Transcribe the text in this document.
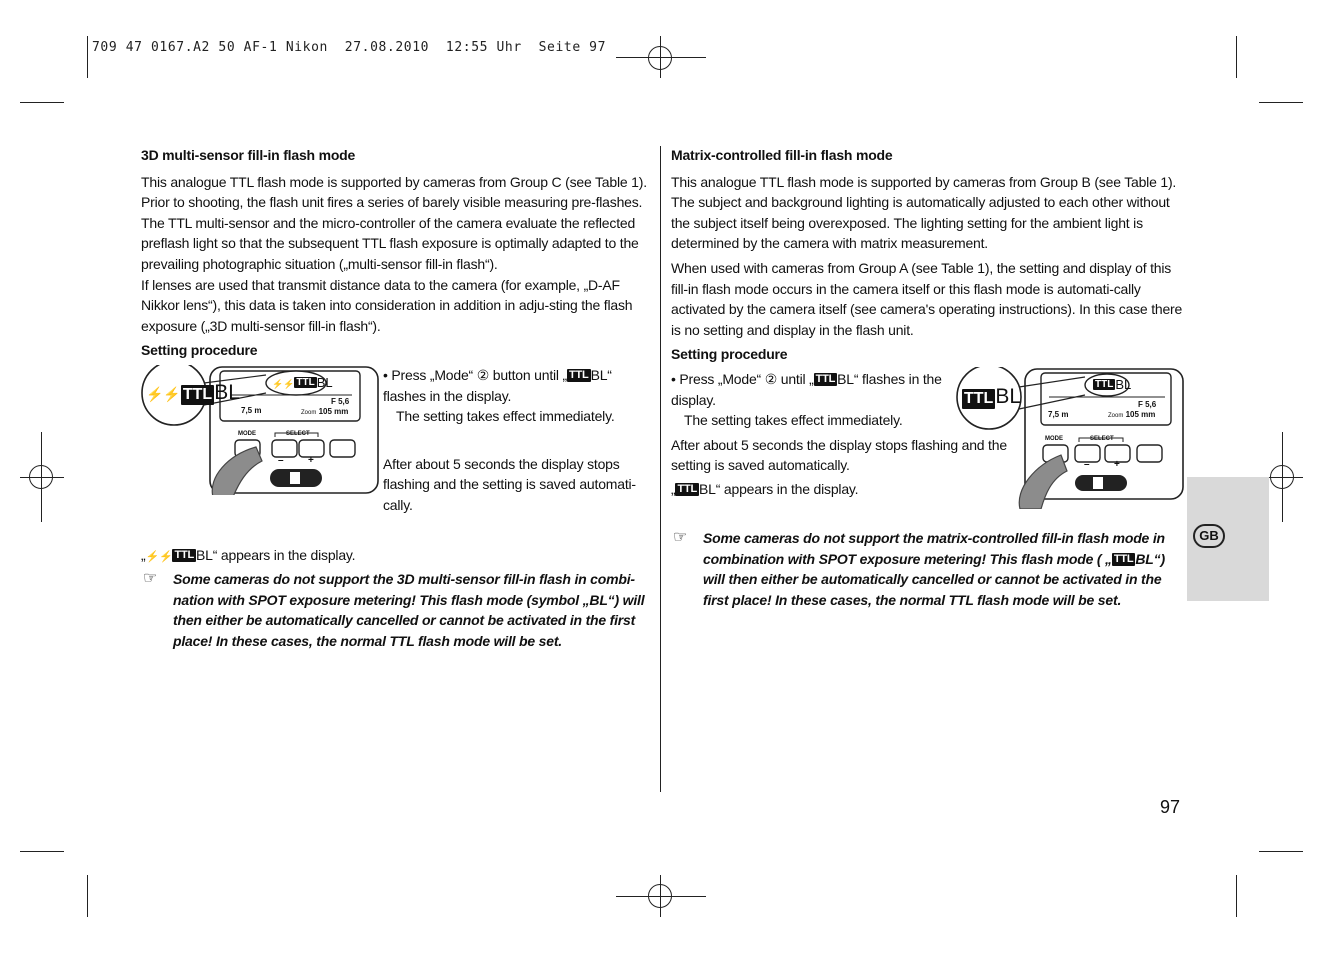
709 47 0167.A2 50 AF-1 Nikon  27.08.2010  12:55 Uhr  Seite 97
3D multi-sensor fill-in flash mode
This analogue TTL flash mode is supported by cameras from Group C (see Table 1). Prior to shooting, the flash unit fires a series of barely visible measuring pre-flashes. The TTL multi-sensor and the micro-controller of the camera evaluate the reflected preflash light so that the subsequent TTL flash exposure is optimally adapted to the prevailing photographic situation („multi-sensor fill-in flash“).
If lenses are used that transmit distance data to the camera (for example, „D-AF Nikkor lens“), this data is taken into consideration in addition in adju-sting the flash exposure („3D multi-sensor fill-in flash“).
Setting procedure
⚡⚡ TTLBL	⚡⚡ TTL BL
7,5 m
F 5,6
Zoom 105 mm
MODE	SELECT
– +
• Press „Mode“ ② button until „ TTL BL“ flashes in the display.
The setting takes effect immediately.
After about 5 seconds the display stops flashing and the setting is saved automati-cally.
„⚡⚡ TTL BL“ appears in the display.
☞ Some cameras do not support the 3D multi-sensor fill-in flash in combi-nation with SPOT exposure metering! This flash mode (symbol „BL“) will then either be automatically cancelled or cannot be activated in the first place! In these cases, the normal TTL flash mode will be set.
Matrix-controlled fill-in flash mode
This analogue TTL flash mode is supported by cameras from Group B (see Table 1). The subject and background lighting is automatically adjusted to each other without the subject itself being overexposed. The lighting setting for the ambient light is determined by the camera with matrix measurement.
When used with cameras from Group A (see Table 1), the setting and display of this fill-in flash mode occurs in the camera itself or this flash mode is automati-cally activated by the camera itself (see camera's operating instructions). In this case there is no setting and display in the flash unit.
Setting procedure
• Press „Mode“ ② until „ TTL BL“ flashes in the display.
The setting takes effect immediately.
After about 5 seconds the display stops flashing and the setting is saved automatically.
„ TTL BL“ appears in the display.
TTLBL
TTL BL
7,5 m
F 5,6
Zoom 105 mm
MODE	SELECT
– +
☞ Some cameras do not support the matrix-controlled fill-in flash mode in combination with SPOT exposure metering! This flash mode ( „ TTL BL“) will then either be automatically cancelled or cannot be activated in the first place! In these cases, the normal TTL flash mode will be set.
GB
97
